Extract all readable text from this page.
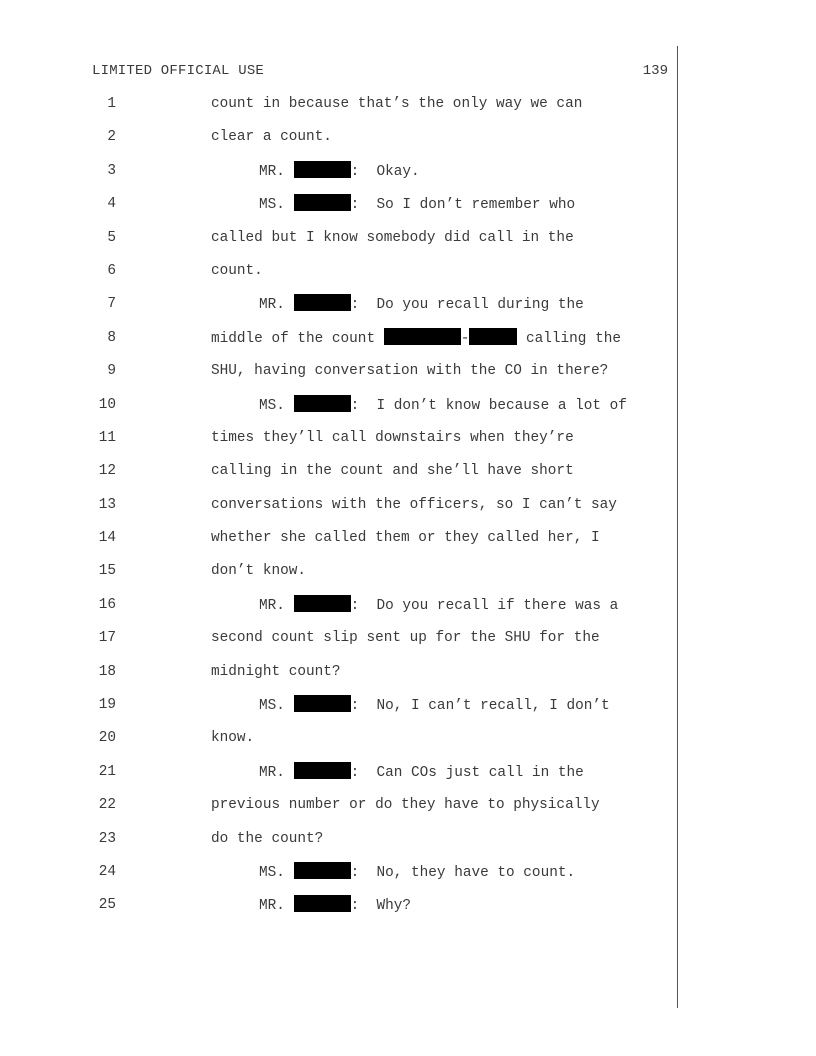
LIMITED OFFICIAL USE	139
1	count in because that’s the only way we can
2	clear a count.
3	MR.	:  Okay.
4	MS.	:  So I don’t remember who
5	called but I know somebody did call in the
6	count.
7	MR.	:  Do you recall during the
8	middle of the count	-	calling the
9	SHU, having conversation with the CO in there?
10	MS.	:  I don’t know because a lot of
11	times they’ll call downstairs when they’re
12	calling in the count and she’ll have short
13	conversations with the officers, so I can’t say
14	whether she called them or they called her, I
15	don’t know.
16	MR.	:  Do you recall if there was a
17	second count slip sent up for the SHU for the
18	midnight count?
19	MS.	:  No, I can’t recall, I don’t
20	know.
21	MR.	:  Can COs just call in the
22	previous number or do they have to physically
23	do the count?
24	MS.	:  No, they have to count.
25	MR.	:  Why?
